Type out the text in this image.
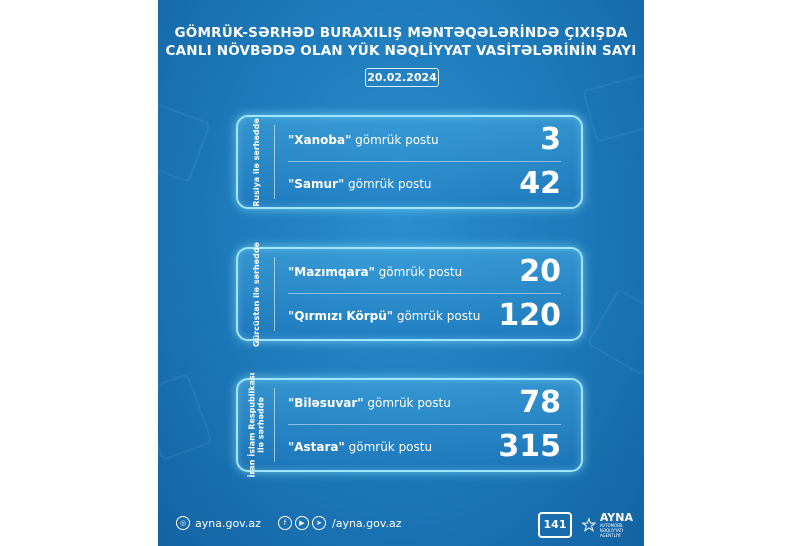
GÖMRÜK-SƏRHƏD BURAXILIŞ MƏNTƏQƏLƏRİNDƏ ÇIXIŞDA
CANLI NÖVBƏDƏ OLAN YÜK NƏQLİYYAT VASİTƏLƏRİNİN SAYI
20.02.2024
Rusiya ilə sərhəddə "Xanoba" gömrük postu	3
"Samur" gömrük postu	42
Gürcüstan ilə sərhəddə "Mazımqara" gömrük postu 20
"Qırmızı Körpü" gömrük postu 120
İran İslam Respublikası ilə sərhəddə "Biləsuvar" gömrük postu 78
"Astara" gömrük postu 315
◎ ayna.gov.az	f	▶	➤ /ayna.gov.az	141
AYNA
AVTOMOBİL NƏQLİYYATI AGENTLİYİ
